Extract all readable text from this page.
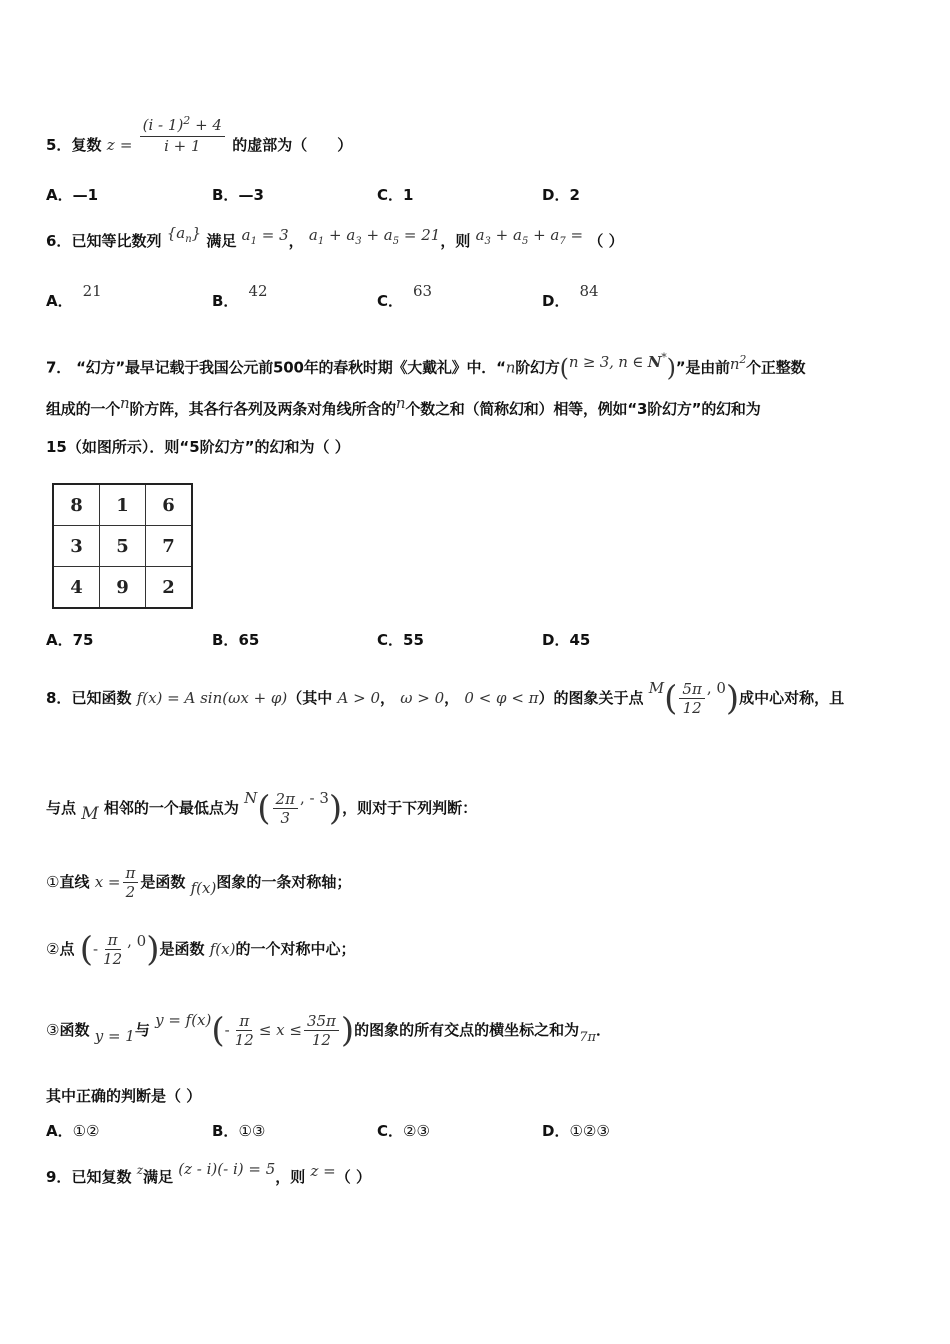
5．复数 $z = \frac{(i - 1)^2 + 4}{i + 1}$ 的虚部为（　　）
A．—1	B．—3	C．1	D．2
6．已知等比数列 $\{a_n\}$ 满足 $a_1 = 3$， $a_1 + a_3 + a_5 = 21$，则 $a_3 + a_5 + a_7$ = （ ）
A．21
B．42
C．63
D．84
7． “幻方”最早记载于我国公元前500年的春秋时期《大戴礼》中．“n阶幻方(n ≥ 3, n ∈ N*)”是由前$n^2$个正整数
组成的一个n阶方阵，其各行各列及两条对角线所含的n个数之和（简称幻和）相等，例如“3阶幻方”的幻和为
15（如图所示）．则“5阶幻方”的幻和为（ ）
8	1	6
3	5	7
4	9	2
A．75	B．65	C．55	D．45
8．已知函数 f(x) = A sin(ωx + φ)（其中 A > 0， ω > 0， 0 < φ < π）的图象关于点 $M( \frac{5\pi}{12}$ , 0)成中心对称，且
与点 M 相邻的一个最低点为 $N( \frac{2\pi}{3}$ , - 3)，则对于下列判断：
①直线 $x = \frac{\pi}{2}$ 是函数 f(x)图象的一条对称轴；
②点 (- $\frac{\pi}{12}$ , 0)是函数 f(x)的一个对称中心；
③函数 y = 1与 $y = f(x)(- \frac{\pi}{12} \le x \le \frac{35\pi}{12}$ )的图象的所有交点的横坐标之和为7π．
其中正确的判断是（ ）
A．①②	B．①③	C．②③	D．①②③
9．已知复数 $^z$满足 (z - i)(- i) = 5，则 z =（ ）
